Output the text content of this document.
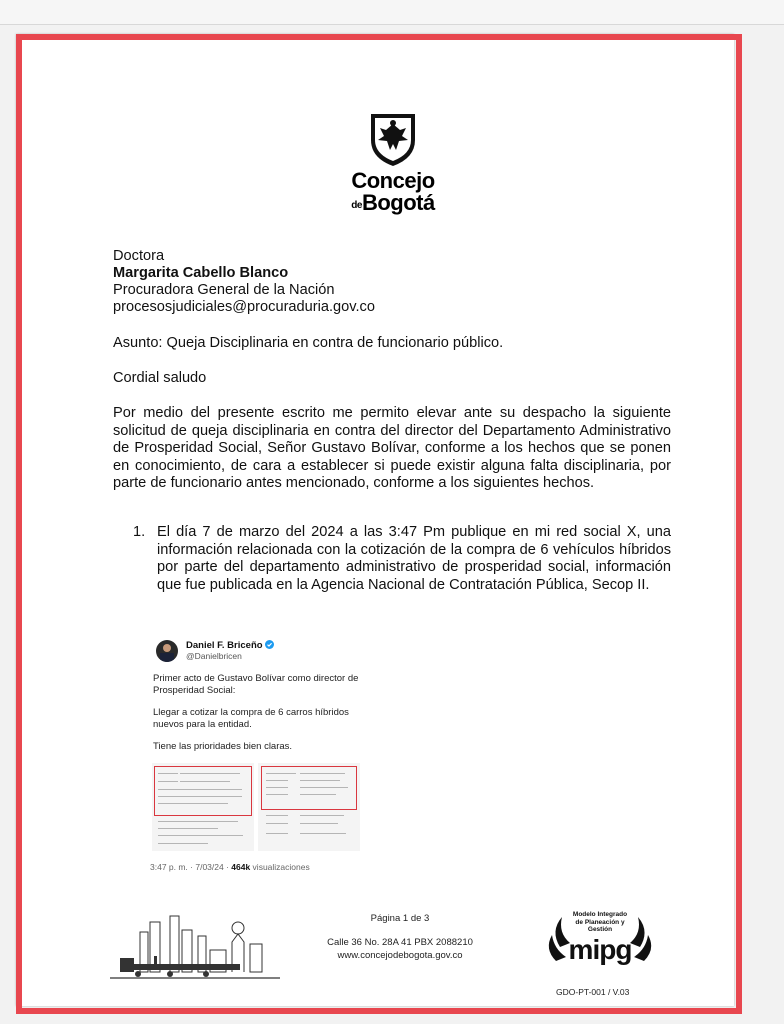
Concejo
deBogotá
Doctora
Margarita Cabello Blanco
Procuradora General de la Nación
procesosjudiciales@procuraduria.gov.co
Asunto: Queja Disciplinaria en contra de funcionario público.
Cordial saludo
Por medio del presente escrito me permito elevar ante su despacho la siguiente solicitud de queja disciplinaria en contra del director del Departamento Administrativo de Prosperidad Social, Señor Gustavo Bolívar, conforme a los hechos que se ponen en conocimiento, de cara a establecer si puede existir alguna falta disciplinaria, por parte de funcionario antes mencionado, conforme a los siguientes hechos.
1. El día 7 de marzo del 2024 a las 3:47 Pm publique en mi red social X, una información relacionada con la cotización de la compra de 6 vehículos híbridos por parte del departamento administrativo de prosperidad social, información que fue publicada en la Agencia Nacional de Contratación Pública, Secop II.
Daniel F. Briceño
@Danielbricen
Primer acto de Gustavo Bolívar como director de Prosperidad Social:
Llegar a cotizar la compra de 6 carros híbridos nuevos para la entidad.
Tiene las prioridades bien claras.
3:47 p. m. · 7/03/24 · 464k visualizaciones
Página 1 de 3
Calle 36 No. 28A 41 PBX 2088210
www.concejodebogota.gov.co
Modelo Integrado
de Planeación y
Gestión
mipg
GDO-PT-001 / V.03
